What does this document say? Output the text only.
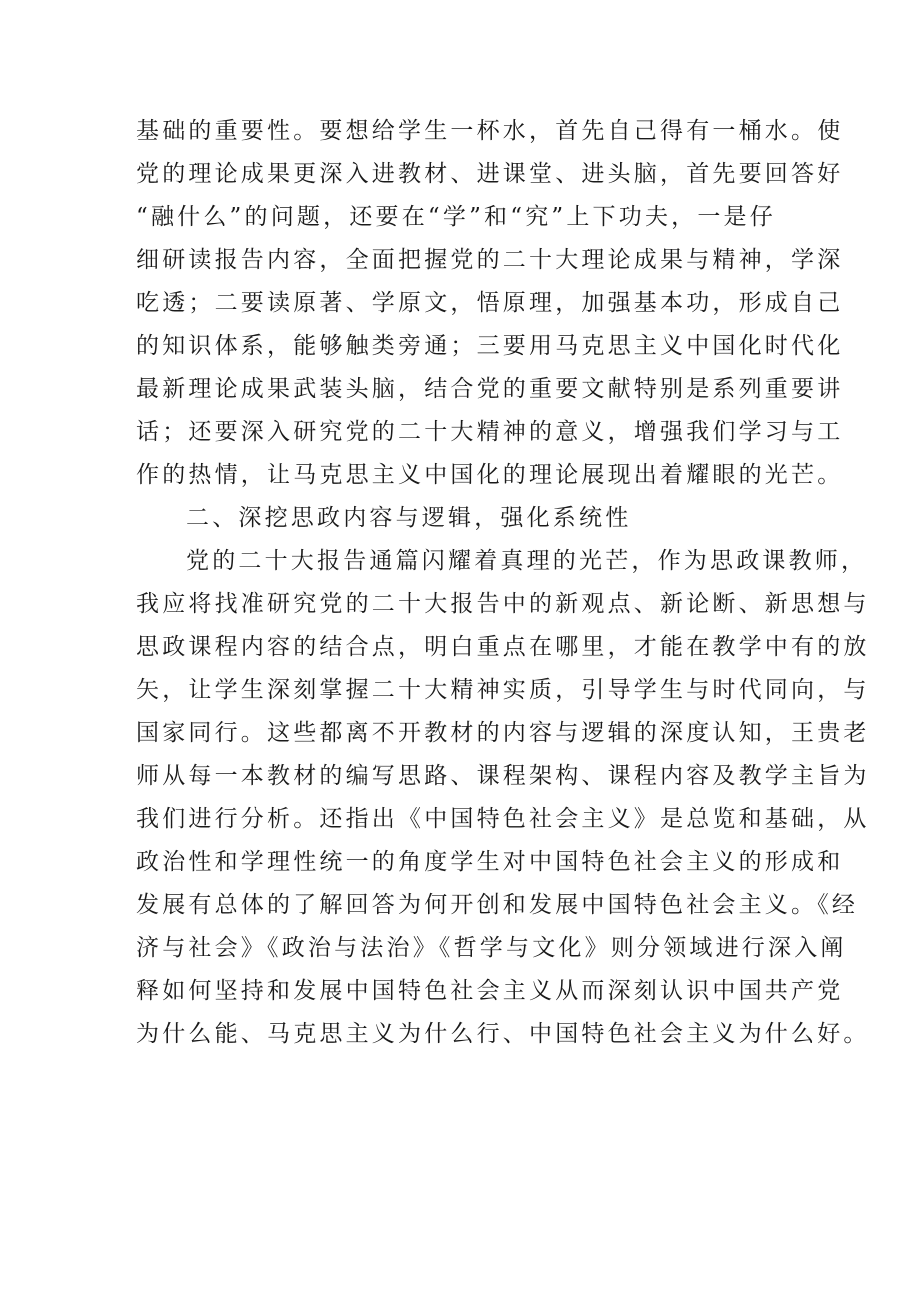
基础的重要性。要想给学生一杯水，首先自己得有一桶水。使

党的理论成果更深入进教材、进课堂、进头脑，首先要回答好

“融什么”的问题，还要在“学”和“究”上下功夫，一是仔

细研读报告内容，全面把握党的二十大理论成果与精神，学深

吃透；二要读原著、学原文，悟原理，加强基本功，形成自己

的知识体系，能够触类旁通；三要用马克思主义中国化时代化

最新理论成果武装头脑，结合党的重要文献特别是系列重要讲

话；还要深入研究党的二十大精神的意义，增强我们学习与工

作的热情，让马克思主义中国化的理论展现出着耀眼的光芒。

二、深挖思政内容与逻辑，强化系统性

党的二十大报告通篇闪耀着真理的光芒，作为思政课教师，

我应将找准研究党的二十大报告中的新观点、新论断、新思想与

思政课程内容的结合点，明白重点在哪里，才能在教学中有的放

矢，让学生深刻掌握二十大精神实质，引导学生与时代同向，与

国家同行。这些都离不开教材的内容与逻辑的深度认知，王贵老

师从每一本教材的编写思路、课程架构、课程内容及教学主旨为

我们进行分析。还指出《中国特色社会主义》是总览和基础，从

政治性和学理性统一的角度学生对中国特色社会主义的形成和

发展有总体的了解回答为何开创和发展中国特色社会主义。《经

济与社会》《政治与法治》《哲学与文化》则分领域进行深入阐

释如何坚持和发展中国特色社会主义从而深刻认识中国共产党

为什么能、马克思主义为什么行、中国特色社会主义为什么好。
